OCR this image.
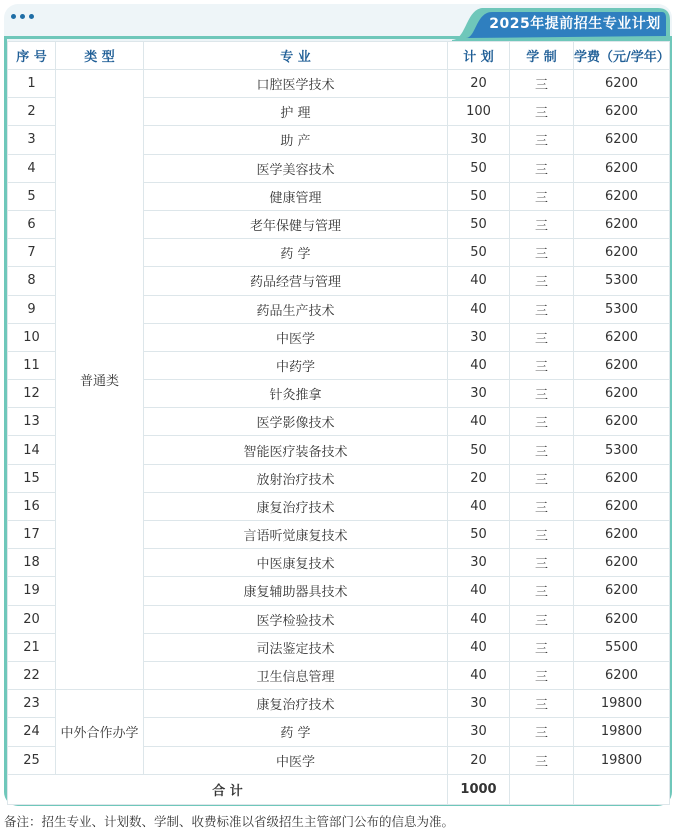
2025年提前招生专业计划
序 号	类 型	专 业	计 划	学 制	学费（元/学年）
1	普通类	口腔医学技术	20	三	6200
2		护 理	100	三	6200
3		助 产	30	三	6200
4		医学美容技术	50	三	6200
5		健康管理	50	三	6200
6		老年保健与管理	50	三	6200
7		药 学	50	三	6200
8		药品经营与管理	40	三	5300
9		药品生产技术	40	三	5300
10		中医学	30	三	6200
11		中药学	40	三	6200
12		针灸推拿	30	三	6200
13		医学影像技术	40	三	6200
14		智能医疗装备技术	50	三	5300
15		放射治疗技术	20	三	6200
16		康复治疗技术	40	三	6200
17		言语听觉康复技术	50	三	6200
18		中医康复技术	30	三	6200
19		康复辅助器具技术	40	三	6200
20		医学检验技术	40	三	6200
21		司法鉴定技术	40	三	5500
22		卫生信息管理	40	三	6200
23	中外合作办学	康复治疗技术	30	三	19800
24		药 学	30	三	19800
25		中医学	20	三	19800
合 计			1000		
备注：招生专业、计划数、学制、收费标准以省级招生主管部门公布的信息为准。
